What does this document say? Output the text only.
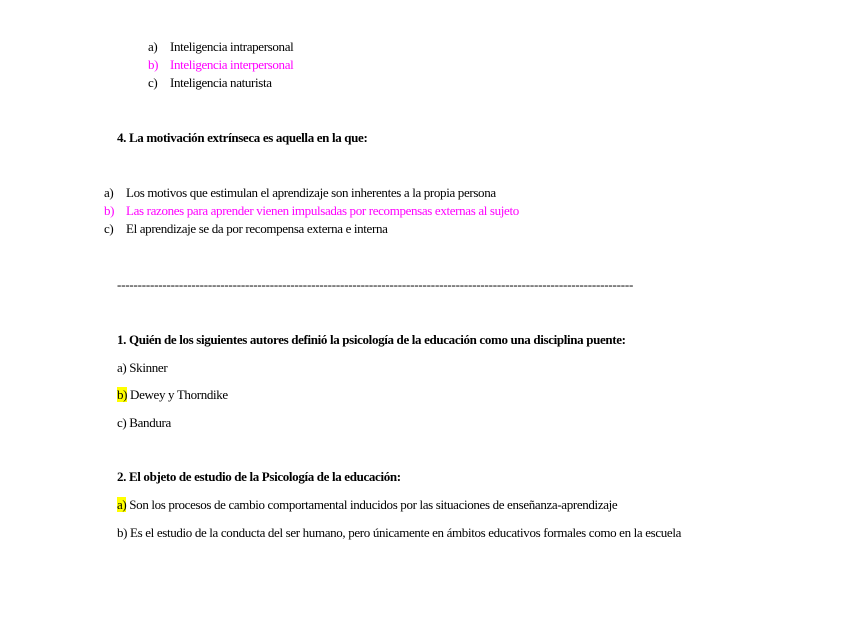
a) Inteligencia intrapersonal
b) Inteligencia interpersonal
c) Inteligencia naturista
4. La motivación extrínseca es aquella en la que:
a) Los motivos que estimulan el aprendizaje son inherentes a la propia persona
b) Las razones para aprender vienen impulsadas por recompensas externas al sujeto
c) El aprendizaje se da por recompensa externa e interna
-----------------------------------------------------------------------------------------------------------------------------
1. Quién de los siguientes autores definió la psicología de la educación como una disciplina puente:
a) Skinner
b) Dewey y Thorndike
c) Bandura
2. El objeto de estudio de la Psicología de la educación:
a) Son los procesos de cambio comportamental inducidos por las situaciones de enseñanza-aprendizaje
b) Es el estudio de la conducta del ser humano, pero únicamente en ámbitos educativos formales como en la escuela
